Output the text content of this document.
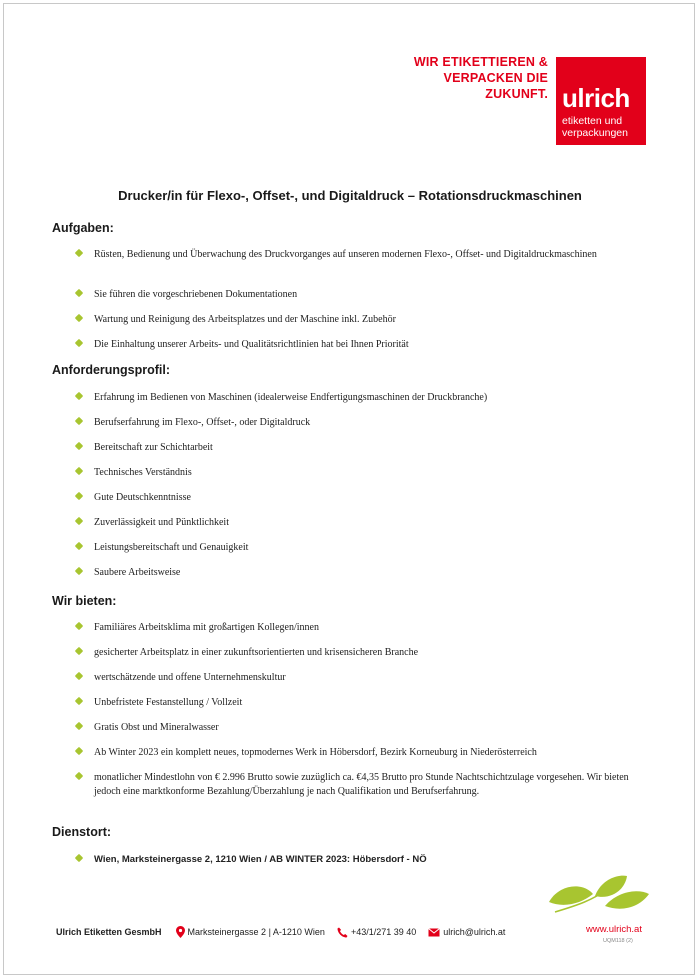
WIR ETIKETTIEREN &
VERPACKEN DIE
ZUKUNFT. ulrich
etiketten und
verpackungen
Drucker/in für Flexo-, Offset-, und Digitaldruck – Rotationsdruckmaschinen
Aufgaben:
Rüsten, Bedienung und Überwachung des Druckvorganges auf unseren modernen Flexo-, Offset- und Digitaldruckmaschinen
Sie führen die vorgeschriebenen Dokumentationen
Wartung und Reinigung des Arbeitsplatzes und der Maschine inkl. Zubehör
Die Einhaltung unserer Arbeits- und Qualitätsrichtlinien hat bei Ihnen Priorität
Anforderungsprofil:
Erfahrung im Bedienen von Maschinen (idealerweise Endfertigungsmaschinen der Druckbranche)
Berufserfahrung im Flexo-, Offset-, oder Digitaldruck
Bereitschaft zur Schichtarbeit
Technisches Verständnis
Gute Deutschkenntnisse
Zuverlässigkeit und Pünktlichkeit
Leistungsbereitschaft und Genauigkeit
Saubere Arbeitsweise
Wir bieten:
Familiäres Arbeitsklima mit großartigen Kollegen/innen
gesicherter Arbeitsplatz in einer zukunftsorientierten und krisensicheren Branche
wertschätzende und offene Unternehmenskultur
Unbefristete Festanstellung / Vollzeit
Gratis Obst und Mineralwasser
Ab Winter 2023 ein komplett neues, topmodernes Werk in Höbersdorf, Bezirk Korneuburg in Niederösterreich
monatlicher Mindestlohn von € 2.996 Brutto sowie zuzüglich ca. €4,35 Brutto pro Stunde Nachtschichtzulage vorgesehen. Wir bieten jedoch eine marktkonforme Bezahlung/Überzahlung je nach Qualifikation und Berufserfahrung.
Dienstort:
Wien, Marksteinergasse 2, 1210 Wien / AB WINTER 2023: Höbersdorf - NÖ
Ulrich Etiketten GesmbH	Marksteinergasse 2 | A-1210 Wien	+43/1/271 39 40	ulrich@ulrich.at	www.ulrich.at
UQM118 (2)
